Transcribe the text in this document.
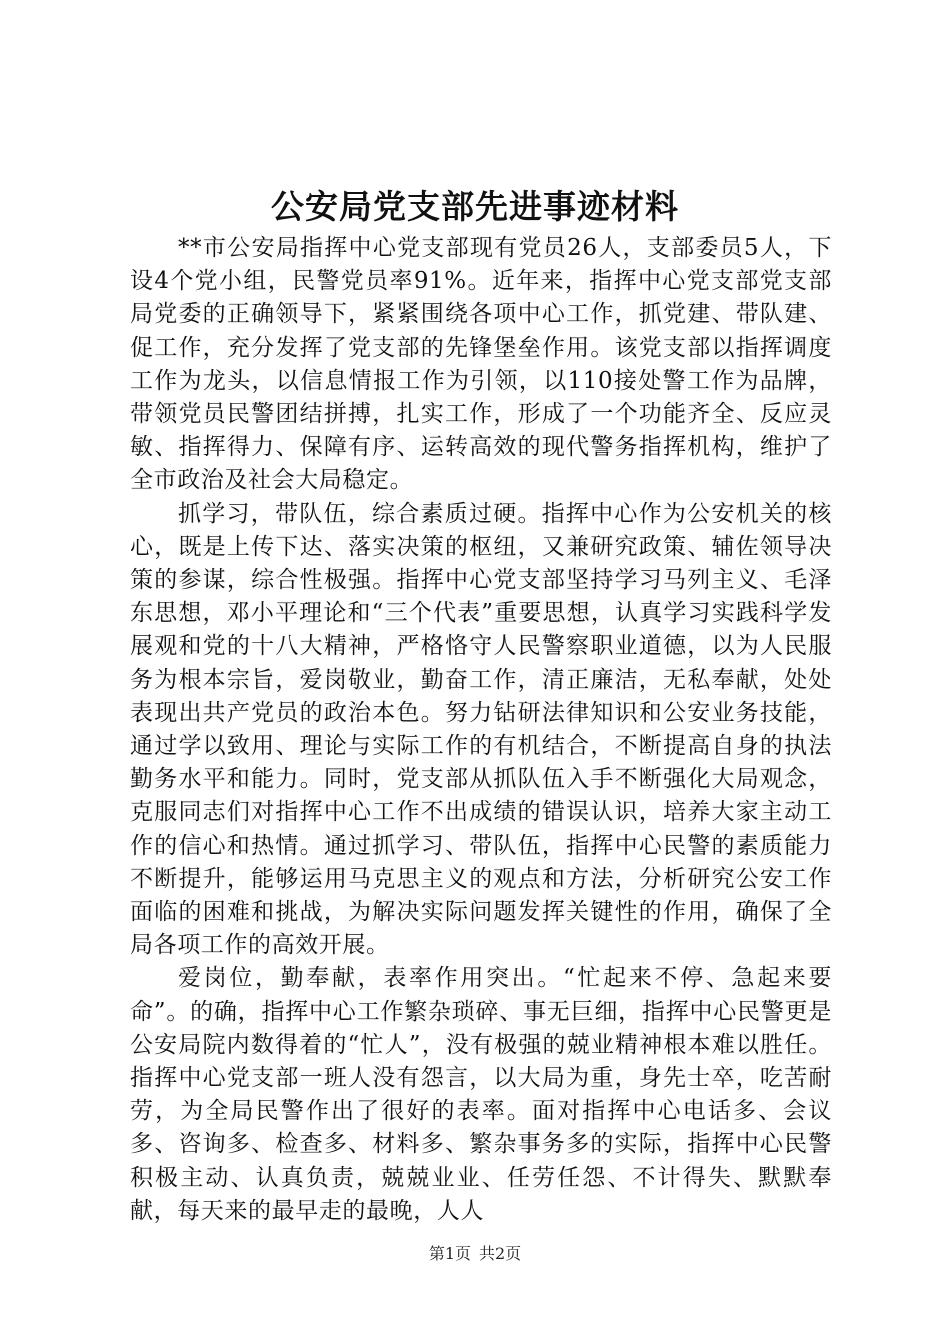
公安局党支部先进事迹材料

**市公安局指挥中心党支部现有党员26人，支部委员5人，下设4个党小组，民警党员率91%。近年来，指挥中心党支部党支部局党委的正确领导下，紧紧围绕各项中心工作，抓党建、带队建、促工作，充分发挥了党支部的先锋堡垒作用。该党支部以指挥调度工作为龙头，以信息情报工作为引领，以110接处警工作为品牌，带领党员民警团结拼搏，扎实工作，形成了一个功能齐全、反应灵敏、指挥得力、保障有序、运转高效的现代警务指挥机构，维护了全市政治及社会大局稳定。

抓学习，带队伍，综合素质过硬。指挥中心作为公安机关的核心，既是上传下达、落实决策的枢纽，又兼研究政策、辅佐领导决策的参谋，综合性极强。指挥中心党支部坚持学习马列主义、毛泽东思想，邓小平理论和“三个代表”重要思想，认真学习实践科学发展观和党的十八大精神，严格恪守人民警察职业道德，以为人民服务为根本宗旨，爱岗敬业，勤奋工作，清正廉洁，无私奉献，处处表现出共产党员的政治本色。努力钻研法律知识和公安业务技能，通过学以致用、理论与实际工作的有机结合，不断提高自身的执法勤务水平和能力。同时，党支部从抓队伍入手不断强化大局观念，克服同志们对指挥中心工作不出成绩的错误认识，培养大家主动工作的信心和热情。通过抓学习、带队伍，指挥中心民警的素质能力不断提升，能够运用马克思主义的观点和方法，分析研究公安工作面临的困难和挑战，为解决实际问题发挥关键性的作用，确保了全局各项工作的高效开展。

爱岗位，勤奉献，表率作用突出。“忙起来不停、急起来要命”。的确，指挥中心工作繁杂琐碎、事无巨细，指挥中心民警更是公安局院内数得着的“忙人”，没有极强的兢业精神根本难以胜任。指挥中心党支部一班人没有怨言，以大局为重，身先士卒，吃苦耐劳，为全局民警作出了很好的表率。面对指挥中心电话多、会议多、咨询多、检查多、材料多、繁杂事务多的实际，指挥中心民警积极主动、认真负责，兢兢业业、任劳任怨、不计得失、默默奉献，每天来的最早走的最晚，人人

第1页 共2页
